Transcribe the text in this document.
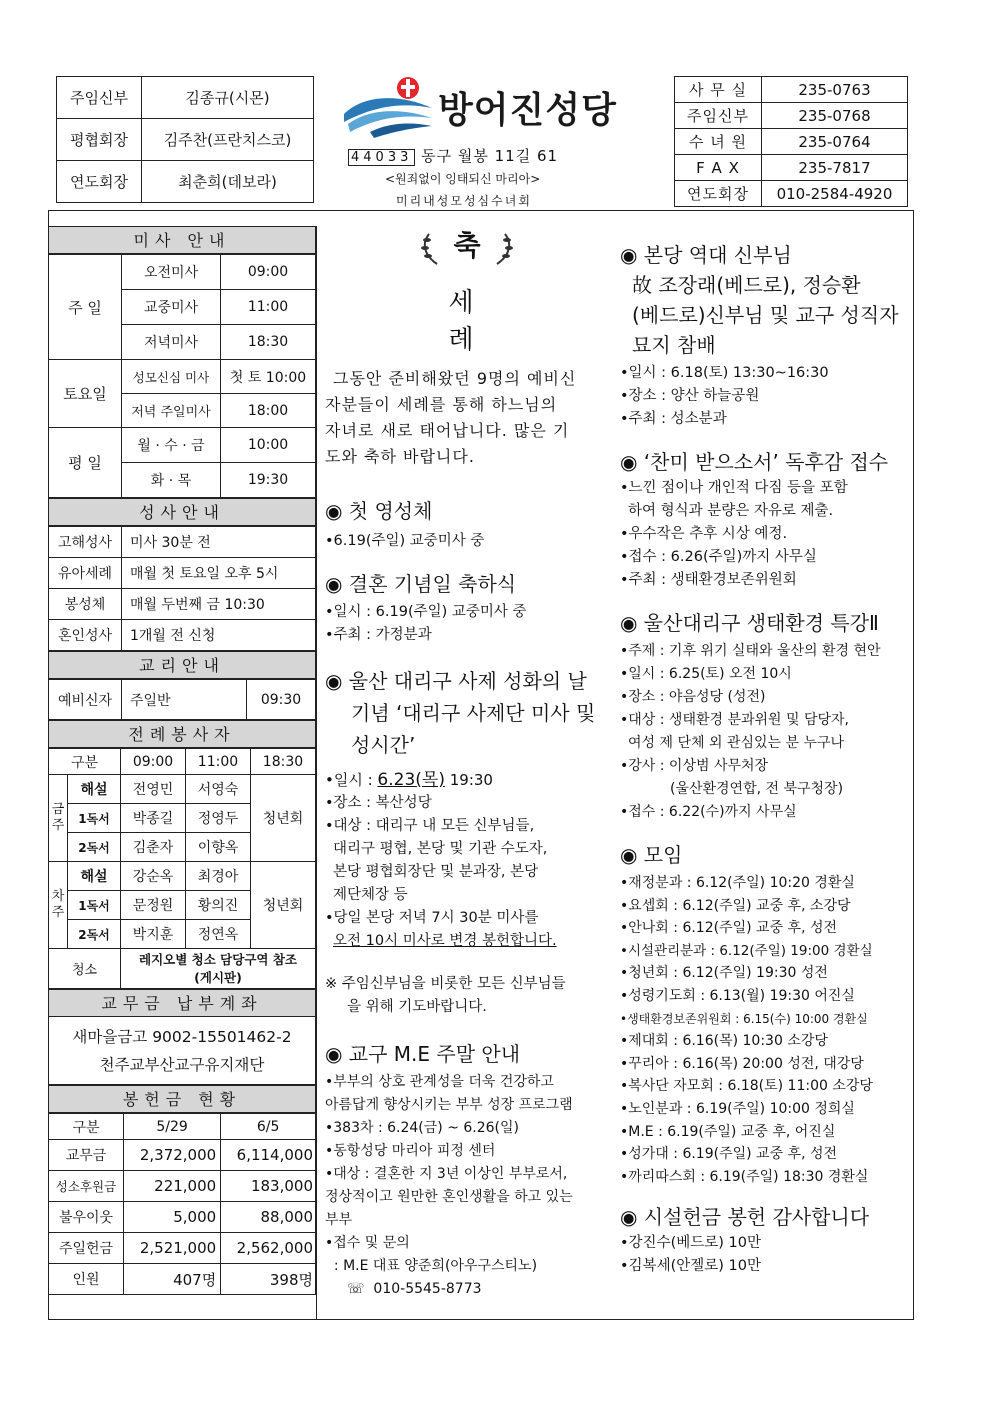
주임신부	김종규(시몬)
평협회장	김주찬(프란치스코)
연도회장	최춘희(데보라)
방어진성당
44033 동구 월봉 11길 61
<원죄없이 잉태되신 마리아>
미리내성모성심수녀회
사 무 실	235-0763
주임신부	235-0768
수 녀 원	235-0764
F A X	235-7817
연도회장	010-2584-4920
미사 안내
주 일	오전미사	09:00
	교중미사	11:00
	저녁미사	18:30
토요일	성모신심 미사	첫 토 10:00
	저녁 주일미사	18:00
평 일	월 · 수 · 금	10:00
	화 · 목	19:30
성사안내
고해성사	미사 30분 전
유아세례	매월 첫 토요일 오후 5시
봉성체	매월 두번째 금 10:30
혼인성사	1개월 전 신청
교리안내
예비신자	주일반	09:30
전례봉사자
구분		09:00	11:00	18:30
금주	해설	전영민	서영숙	청년회
	1독서	박종길	정영두	
	2독서	김춘자	이향옥	
차주	해설	강순옥	최경아	청년회
	1독서	문정원	황의진	
	2독서	박지훈	정연옥	
청소		레지오별 청소 담당구역 참조
(게시판)		
교무금 납부계좌
새마을금고 9002-15501462-2
천주교부산교구유지재단
봉헌금 현황
구분	5/29	6/5
교무금	2,372,000	6,114,000
성소후원금	221,000	183,000
불우이웃	5,000	88,000
주일헌금	2,521,000	2,562,000
인원	407명	398명
축
세 례
그동안 준비해왔던 9명의 예비신
자분들이 세례를 통해 하느님의
자녀로 새로 태어납니다. 많은 기
도와 축하 바랍니다.
◉ 첫 영성체
•6.19(주일) 교중미사 중
◉ 결혼 기념일 축하식
•일시 : 6.19(주일) 교중미사 중
•주최 : 가정분과
◉ 울산 대리구 사제 성화의 날
기념 ‘대리구 사제단 미사 및
성시간’
•일시 : 6.23(목) 19:30
•장소 : 복산성당
•대상 : 대리구 내 모든 신부님들,
대리구 평협, 본당 및 기관 수도자,
본당 평협회장단 및 분과장, 본당
제단체장 등
•당일 본당 저녁 7시 30분 미사를
오전 10시 미사로 변경 봉헌합니다.
※ 주임신부님을 비롯한 모든 신부님들
을 위해 기도바랍니다.
◉ 교구 M.E 주말 안내
•부부의 상호 관계성을 더욱 건강하고
아름답게 향상시키는 부부 성장 프로그램
•383차 : 6.24(금) ~ 6.26(일)
•동항성당 마리아 피정 센터
•대상 : 결혼한 지 3년 이상인 부부로서,
정상적이고 원만한 혼인생활을 하고 있는
부부
•접수 및 문의
: M.E 대표 양준희(아우구스티노)
☏ 010-5545-8773
◉ 본당 역대 신부님
故 조장래(베드로), 정승환
(베드로)신부님 및 교구 성직자
묘지 참배
•일시 : 6.18(토) 13:30~16:30
•장소 : 양산 하늘공원
•주최 : 성소분과
◉ ‘찬미 받으소서’ 독후감 접수
•느낀 점이나 개인적 다짐 등을 포함
하여 형식과 분량은 자유로 제출.
•우수작은 추후 시상 예정.
•접수 : 6.26(주일)까지 사무실
•주최 : 생태환경보존위원회
◉ 울산대리구 생태환경 특강Ⅱ
•주제 : 기후 위기 실태와 울산의 환경 현안
•일시 : 6.25(토) 오전 10시
•장소 : 야음성당 (성전)
•대상 : 생태환경 분과위원 및 담당자,
여성 제 단체 외 관심있는 분 누구나
•강사 : 이상범 사무처장
(울산환경연합, 전 북구청장)
•접수 : 6.22(수)까지 사무실
◉ 모임
•재정분과 : 6.12(주일) 10:20 경환실
•요셉회 : 6.12(주일) 교중 후, 소강당
•안나회 : 6.12(주일) 교중 후, 성전
•시설관리분과 : 6.12(주일) 19:00 경환실
•청년회 : 6.12(주일) 19:30 성전
•성령기도회 : 6.13(월) 19:30 어진실
•생태환경보존위원회 : 6.15(수) 10:00 경환실
•제대회 : 6.16(목) 10:30 소강당
•꾸리아 : 6.16(목) 20:00 성전, 대강당
•복사단 자모회 : 6.18(토) 11:00 소강당
•노인분과 : 6.19(주일) 10:00 정희실
•M.E : 6.19(주일) 교중 후, 어진실
•성가대 : 6.19(주일) 교중 후, 성전
•까리따스회 : 6.19(주일) 18:30 경환실
◉ 시설헌금 봉헌 감사합니다
•강진수(베드로) 10만
•김복세(안젤로) 10만
